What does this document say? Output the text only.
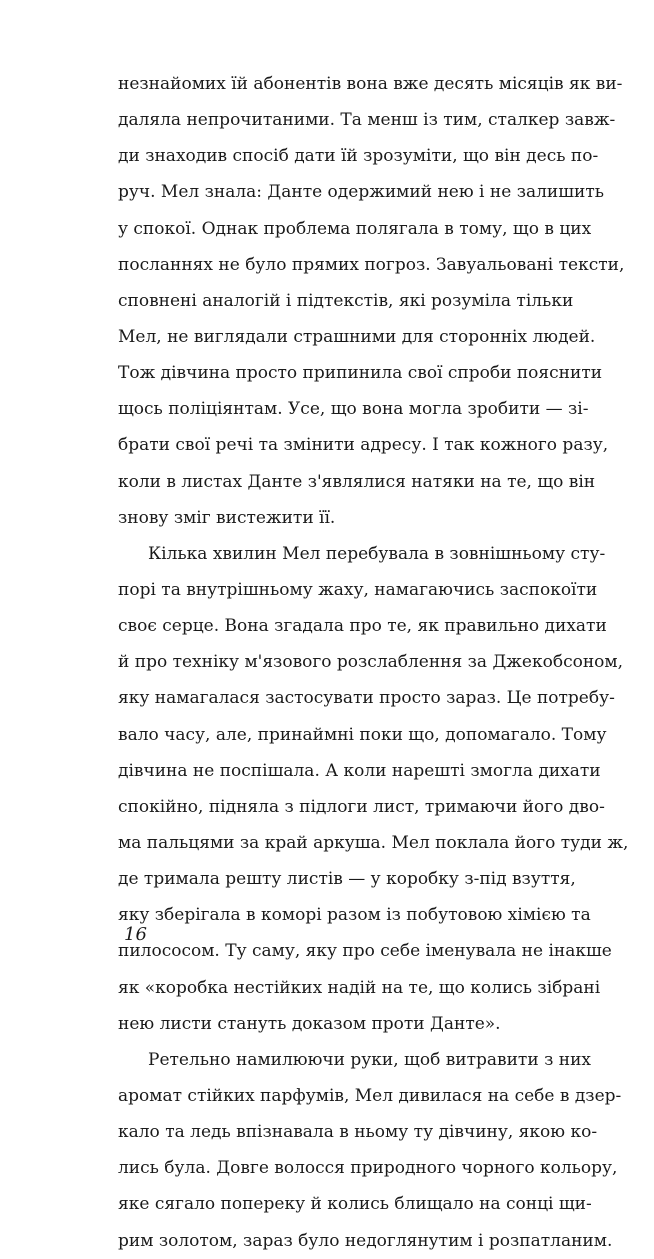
незнайомих їй абонентів вона вже десять місяців як ви-
даляла непрочитаними. Та менш із тим, сталкер завж-
ди знаходив спосіб дати їй зрозуміти, що він десь по-
руч. Мел знала: Данте одержимий нею і не залишить
у спокої. Однак проблема полягала в тому, що в цих
посланнях не було прямих погроз. Завуальовані тексти,
сповнені аналогій і підтекстів, які розуміла тільки
Мел, не виглядали страшними для сторонніх людей.
Тож дівчина просто припинила свої спроби пояснити
щось поліціянтам. Усе, що вона могла зробити — зі-
брати свої речі та змінити адресу. І так кожного разу,
коли в листах Данте з'являлися натяки на те, що він
знову зміг вистежити її.
Кілька хвилин Мел перебувала в зовнішньому сту-
порі та внутрішньому жаху, намагаючись заспокоїти
своє серце. Вона згадала про те, як правильно дихати
й про техніку м'язового розслаблення за Джекобсоном,
яку намагалася застосувати просто зараз. Це потребу-
вало часу, але, принаймні поки що, допомагало. Тому
дівчина не поспішала. А коли нарешті змогла дихати
спокійно, підняла з підлоги лист, тримаючи його дво-
ма пальцями за край аркуша. Мел поклала його туди ж,
де тримала решту листів — у коробку з-під взуття,
яку зберігала в коморі разом із побутовою хімією та
пилососом. Ту саму, яку про себе іменувала не інакше
як «коробка нестійких надій на те, що колись зібрані
нею листи стануть доказом проти Данте».
Ретельно намилюючи руки, щоб витравити з них
аромат стійких парфумів, Мел дивилася на себе в дзер-
кало та ледь впізнавала в ньому ту дівчину, якою ко-
лись була. Довге волосся природного чорного кольору,
яке сягало попереку й колись блищало на сонці щи-
рим золотом, зараз було недоглянутим і розпатланим.
16
